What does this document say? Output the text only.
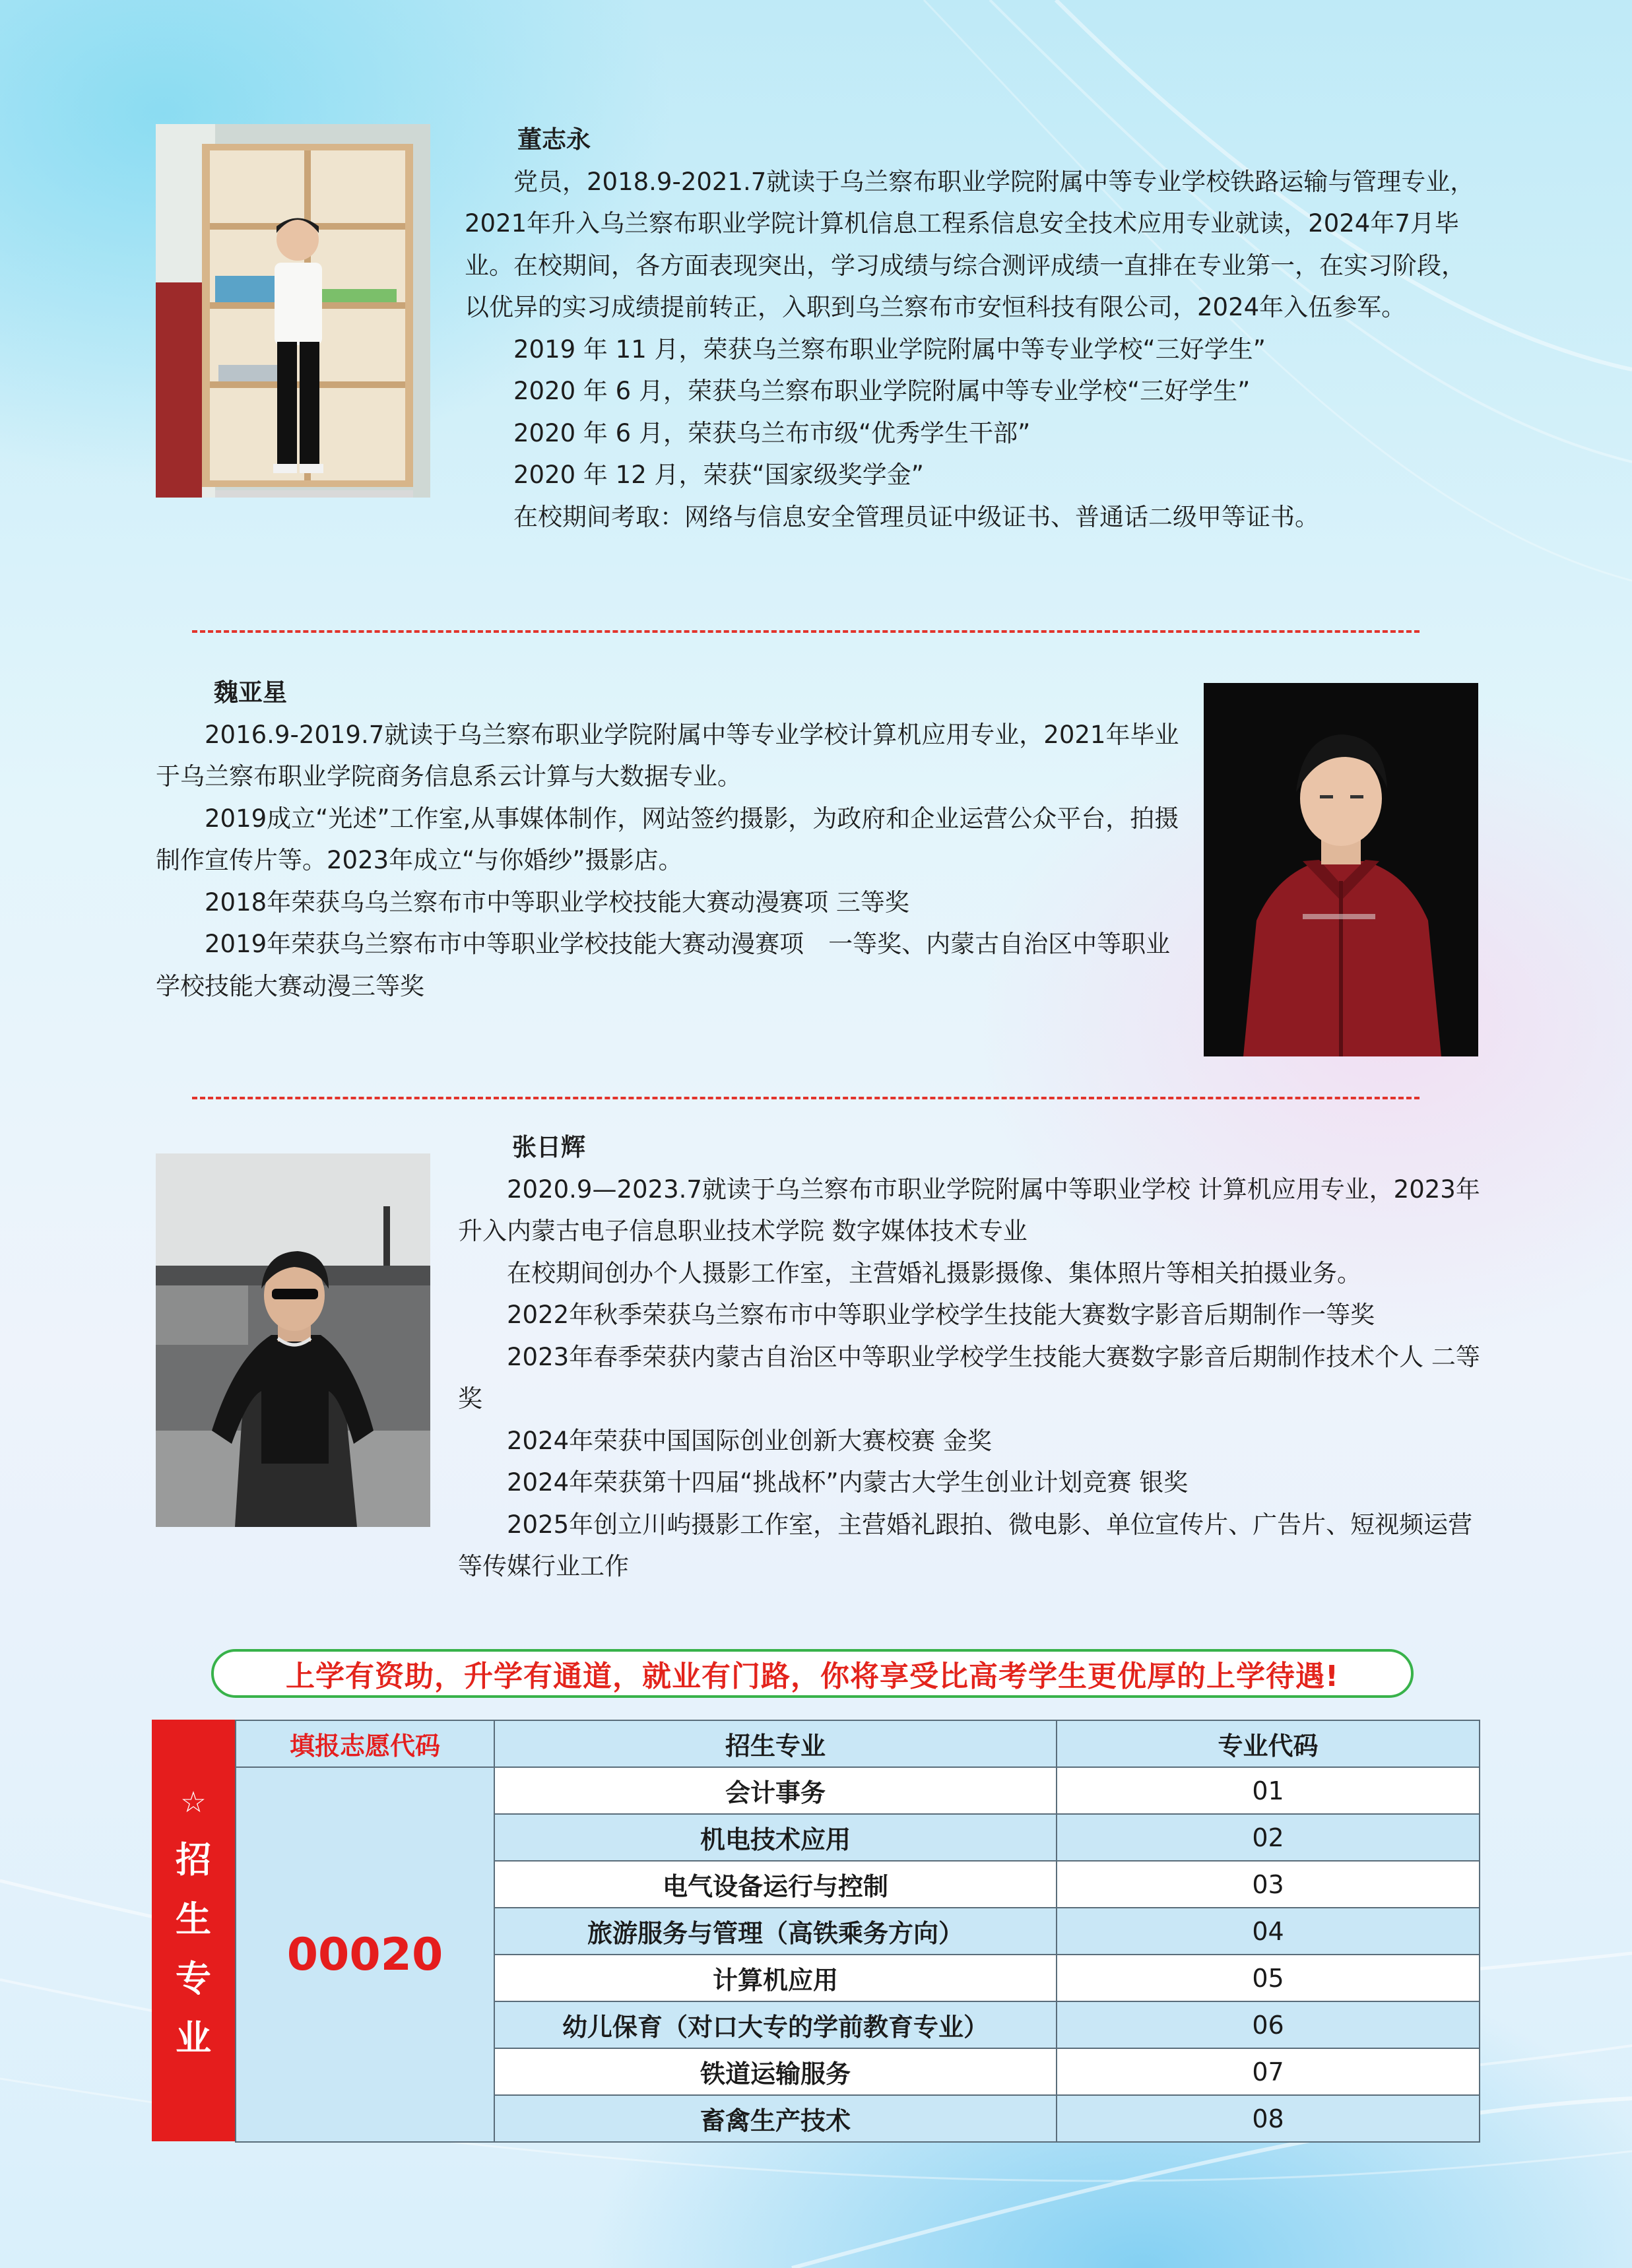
董志永

党员，2018.9-2021.7就读于乌兰察布职业学院附属中等专业学校铁路运输与管理专业，2021年升入乌兰察布职业学院计算机信息工程系信息安全技术应用专业就读，2024年7月毕业。在校期间，各方面表现突出，学习成绩与综合测评成绩一直排在专业第一，在实习阶段，以优异的实习成绩提前转正，入职到乌兰察布市安恒科技有限公司，2024年入伍参军。

2019 年 11 月，荣获乌兰察布职业学院附属中等专业学校“三好学生”

2020 年 6 月，荣获乌兰察布职业学院附属中等专业学校“三好学生”

2020 年 6 月，荣获乌兰布市级“优秀学生干部”

2020 年 12 月，荣获“国家级奖学金”

在校期间考取：网络与信息安全管理员证中级证书、普通话二级甲等证书。

魏亚星

2016.9-2019.7就读于乌兰察布职业学院附属中等专业学校计算机应用专业，2021年毕业于乌兰察布职业学院商务信息系云计算与大数据专业。

2019成立“光述”工作室,从事媒体制作，网站签约摄影，为政府和企业运营公众平台，拍摄制作宣传片等。2023年成立“与你婚纱”摄影店。

2018年荣获乌乌兰察布市中等职业学校技能大赛动漫赛项 三等奖

2019年荣获乌兰察布市中等职业学校技能大赛动漫赛项　一等奖、内蒙古自治区中等职业学校技能大赛动漫三等奖

张日辉

2020.9—2023.7就读于乌兰察布市职业学院附属中等职业学校 计算机应用专业，2023年升入内蒙古电子信息职业技术学院 数字媒体技术专业

在校期间创办个人摄影工作室，主营婚礼摄影摄像、集体照片等相关拍摄业务。

2022年秋季荣获乌兰察布市中等职业学校学生技能大赛数字影音后期制作一等奖

2023年春季荣获内蒙古自治区中等职业学校学生技能大赛数字影音后期制作技术个人 二等奖

2024年荣获中国国际创业创新大赛校赛 金奖

2024年荣获第十四届“挑战杯”内蒙古大学生创业计划竞赛 银奖

2025年创立川屿摄影工作室，主营婚礼跟拍、微电影、单位宣传片、广告片、短视频运营等传媒行业工作

上学有资助，升学有通道，就业有门路，你将享受比高考学生更优厚的上学待遇!
☆
招
生
专
业
填报志愿代码	招生专业	专业代码
00020	会计事务	01
	机电技术应用	02
	电气设备运行与控制	03
	旅游服务与管理（高铁乘务方向）	04
	计算机应用	05
	幼儿保育（对口大专的学前教育专业）	06
	铁道运输服务	07
	畜禽生产技术	08
